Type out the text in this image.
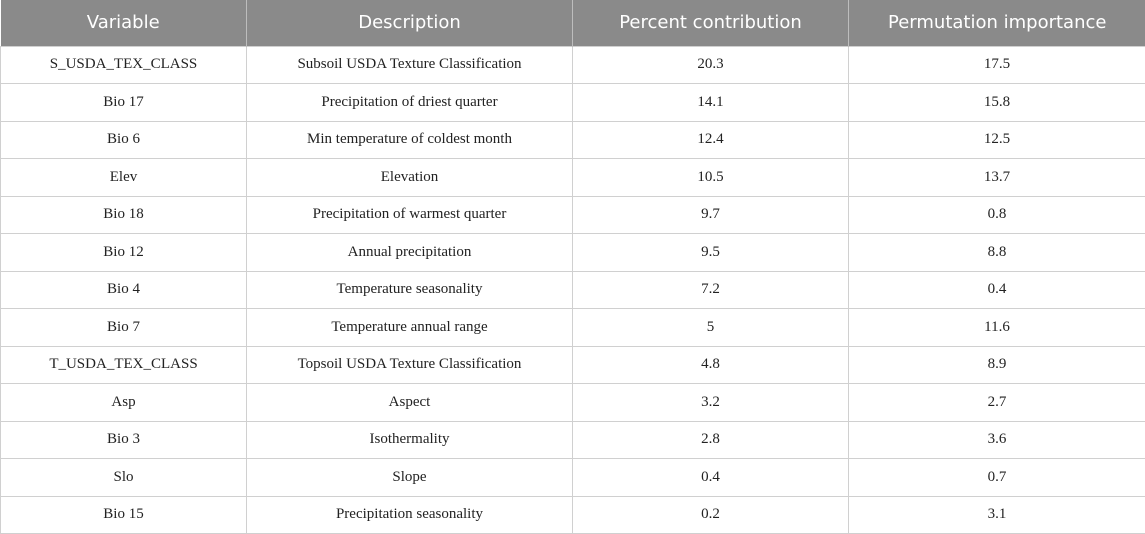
Variable	Description	Percent contribution	Permutation importance
S_USDA_TEX_CLASS	Subsoil USDA Texture Classification	20.3	17.5
Bio 17	Precipitation of driest quarter	14.1	15.8
Bio 6	Min temperature of coldest month	12.4	12.5
Elev	Elevation	10.5	13.7
Bio 18	Precipitation of warmest quarter	9.7	0.8
Bio 12	Annual precipitation	9.5	8.8
Bio 4	Temperature seasonality	7.2	0.4
Bio 7	Temperature annual range	5	11.6
T_USDA_TEX_CLASS	Topsoil USDA Texture Classification	4.8	8.9
Asp	Aspect	3.2	2.7
Bio 3	Isothermality	2.8	3.6
Slo	Slope	0.4	0.7
Bio 15	Precipitation seasonality	0.2	3.1
